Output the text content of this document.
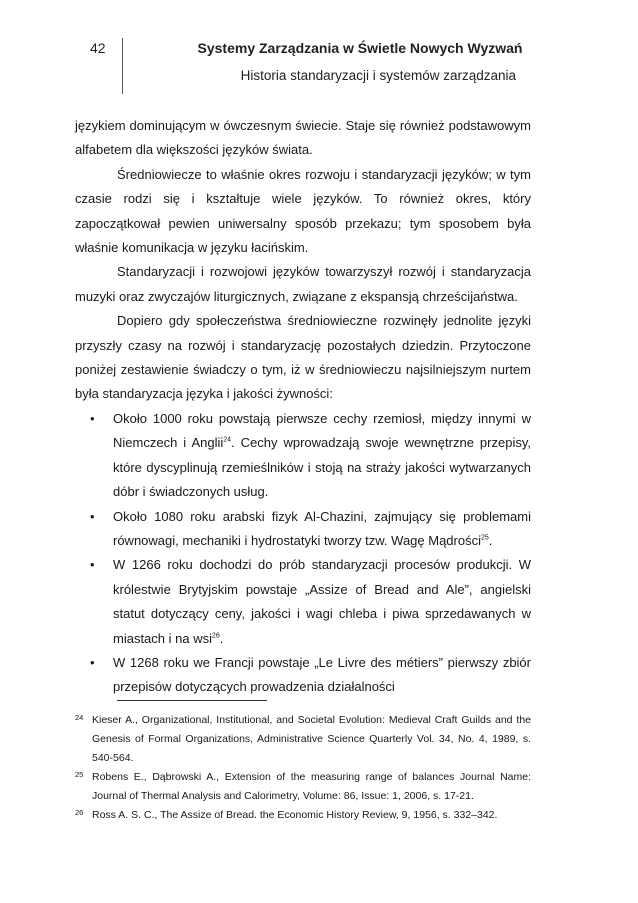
42	Systemy Zarządzania w Świetle Nowych Wyzwań
Historia standaryzacji i systemów zarządzania

językiem dominującym w ówczesnym świecie. Staje się również podstawowym alfabetem dla większości języków świata.

Średniowiecze to właśnie okres rozwoju i standaryzacji języków; w tym czasie rodzi się i kształtuje wiele języków. To również okres, który zapoczątkował pewien uniwersalny sposób przekazu; tym sposobem była właśnie komunikacja w języku łacińskim.

Standaryzacji i rozwojowi języków towarzyszył rozwój i standaryzacja muzyki oraz zwyczajów liturgicznych, związane z ekspansją chrześcijaństwa.

Dopiero gdy społeczeństwa średniowieczne rozwinęły jednolite języki przyszły czasy na rozwój i standaryzację pozostałych dziedzin. Przytoczone poniżej zestawienie świadczy o tym, iż w średniowieczu najsilniejszym nurtem była standaryzacja języka i jakości żywności:

• Około 1000 roku powstają pierwsze cechy rzemiosł, między innymi w Niemczech i Anglii$^{24}$. Cechy wprowadzają swoje wewnętrzne przepisy, które dyscyplinują rzemieślników i stoją na straży jakości wytwarzanych dóbr i świadczonych usług.
• Około 1080 roku arabski fizyk Al-Chazini, zajmujący się problemami równowagi, mechaniki i hydrostatyki tworzy tzw. Wagę Mądrości$^{25}$.
• W 1266 roku dochodzi do prób standaryzacji procesów produkcji. W królestwie Brytyjskim powstaje „Assize of Bread and Ale”, angielski statut dotyczący ceny, jakości i wagi chleba i piwa sprzedawanych w miastach i na wsi$^{26}$.
• W 1268 roku we Francji powstaje „Le Livre des métiers” pierwszy zbiór przepisów dotyczących prowadzenia działalności
24 Kieser A., Organizational, Institutional, and Societal Evolution: Medieval Craft Guilds and the Genesis of Formal Organizations, Administrative Science Quarterly Vol. 34, No. 4, 1989, s. 540-564.
25 Robens E., Dąbrowski A., Extension of the measuring range of balances Journal Name: Journal of Thermal Analysis and Calorimetry, Volume: 86, Issue: 1, 2006, s. 17-21.
26 Ross A. S. C., The Assize of Bread. the Economic History Review, 9, 1956, s. 332–342.
